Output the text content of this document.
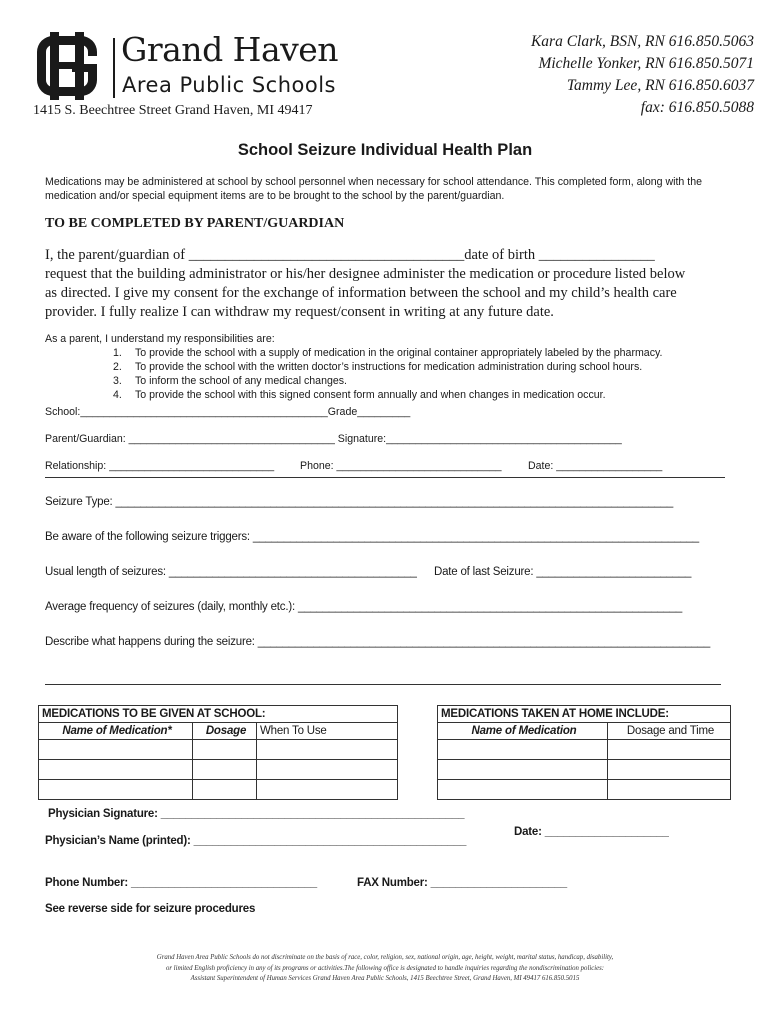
Grand Haven
Area Public Schools
1415 S. Beechtree Street Grand Haven, MI 49417
Kara Clark, BSN, RN 616.850.5063
Michelle Yonker, RN 616.850.5071
Tammy Lee, RN 616.850.6037
fax: 616.850.5088
School Seizure Individual Health Plan
Medications may be administered at school by school personnel when necessary for school attendance. This completed form, along with the medication and/or special equipment items are to be brought to the school by the parent/guardian.
TO BE COMPLETED BY PARENT/GUARDIAN
I, the parent/guardian of ______________________________________date of birth ________________
request that the building administrator or his/her designee administer the medication or procedure listed below
as directed. I give my consent for the exchange of information between the school and my child’s health care
provider. I fully realize I can withdraw my request/consent in writing at any future date.
As a parent, I understand my responsibilities are:
1. To provide the school with a supply of medication in the original container appropriately labeled by the pharmacy.
2. To provide the school with the written doctor’s instructions for medication administration during school hours.
3. To inform the school of any medical changes.
4. To provide the school with this signed consent form annually and when changes in medication occur.
School:__________________________________________Grade_________
Parent/Guardian: ___________________________________ Signature:________________________________________
Relationship: ____________________________ Phone: ____________________________	Date: __________________
Seizure Type: __________________________________________________________________________________________
Be aware of the following seizure triggers: ________________________________________________________________________
Usual length of seizures: ________________________________________ Date of last Seizure: _________________________
Average frequency of seizures (daily, monthly etc.): ______________________________________________________________
Describe what happens during the seizure: _________________________________________________________________________
MEDICATIONS TO BE GIVEN AT SCHOOL:		
Name of Medication*	Dosage	When To Use

MEDICATIONS TAKEN AT HOME INCLUDE:	
Name of Medication	Dosage and Time

Physician Signature: _________________________________________________
Physician’s Name (printed): ____________________________________________
Date: ____________________
Phone Number: ______________________________	FAX Number: ______________________
See reverse side for seizure procedures
Grand Haven Area Public Schools do not discriminate on the basis of race, color, religion, sex, national origin, age, height, weight, marital status, handicap, disability,
or limited English proficiency in any of its programs or activities.The following office is designated to handle inquiries regarding the nondiscrimination policies:
Assistant Superintendent of Human Services Grand Haven Area Public Schools, 1415 Beechtree Street, Grand Haven, MI 49417 616.850.5015
